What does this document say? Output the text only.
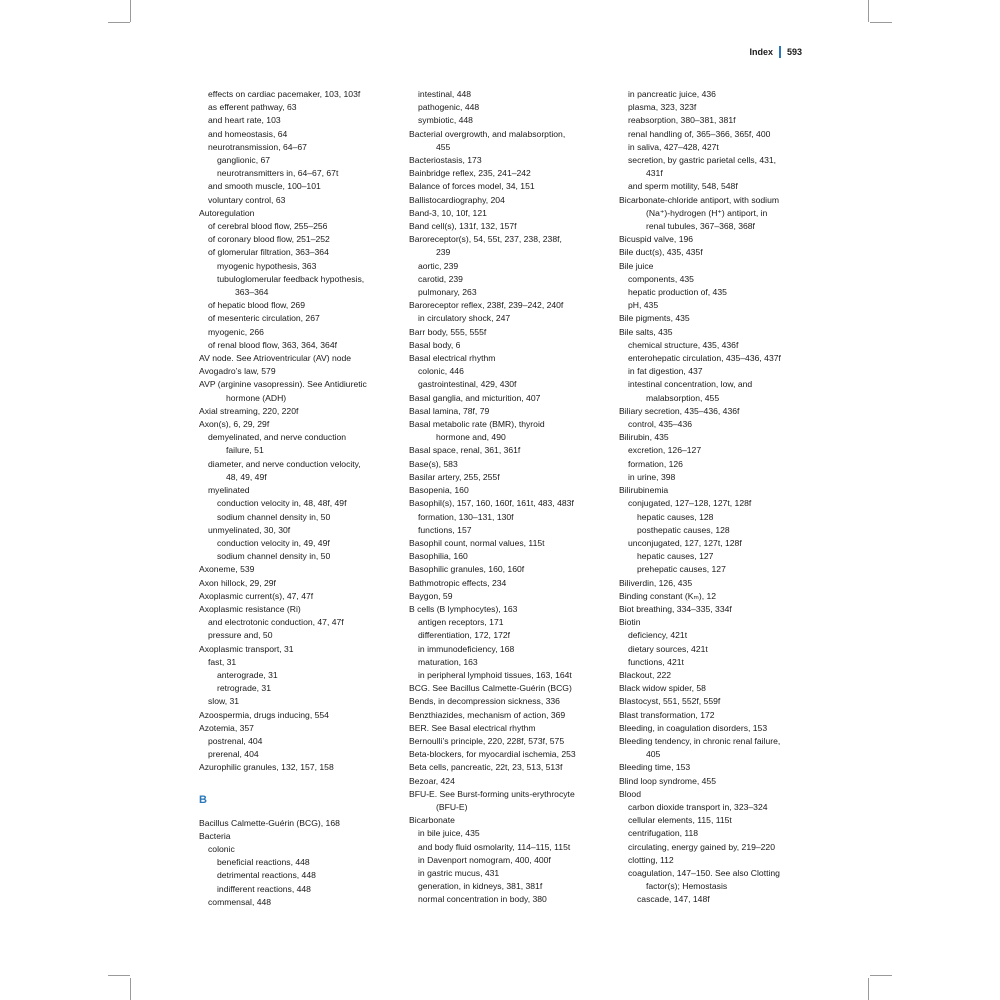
Index 593
effects on cardiac pacemaker, 103, 103f
as efferent pathway, 63
and heart rate, 103
and homeostasis, 64
neurotransmission, 64–67
ganglionic, 67
neurotransmitters in, 64–67, 67t
and smooth muscle, 100–101
voluntary control, 63
Autoregulation
of cerebral blood flow, 255–256
of coronary blood flow, 251–252
of glomerular filtration, 363–364
myogenic hypothesis, 363
tubuloglomerular feedback hypothesis,
363–364
of hepatic blood flow, 269
of mesenteric circulation, 267
myogenic, 266
of renal blood flow, 363, 364, 364f
AV node. See Atrioventricular (AV) node
Avogadro’s law, 579
AVP (arginine vasopressin). See Antidiuretic
hormone (ADH)
Axial streaming, 220, 220f
Axon(s), 6, 29, 29f
demyelinated, and nerve conduction
failure, 51
diameter, and nerve conduction velocity,
48, 49, 49f
myelinated
conduction velocity in, 48, 48f, 49f
sodium channel density in, 50
unmyelinated, 30, 30f
conduction velocity in, 49, 49f
sodium channel density in, 50
Axoneme, 539
Axon hillock, 29, 29f
Axoplasmic current(s), 47, 47f
Axoplasmic resistance (Ri)
and electrotonic conduction, 47, 47f
pressure and, 50
Axoplasmic transport, 31
fast, 31
anterograde, 31
retrograde, 31
slow, 31
Azoospermia, drugs inducing, 554
Azotemia, 357
postrenal, 404
prerenal, 404
Azurophilic granules, 132, 157, 158
B
Bacillus Calmette-Guérin (BCG), 168
Bacteria
colonic
beneficial reactions, 448
detrimental reactions, 448
indifferent reactions, 448
commensal, 448
intestinal, 448
pathogenic, 448
symbiotic, 448
Bacterial overgrowth, and malabsorption,
455
Bacteriostasis, 173
Bainbridge reflex, 235, 241–242
Balance of forces model, 34, 151
Ballistocardiography, 204
Band-3, 10, 10f, 121
Band cell(s), 131f, 132, 157f
Baroreceptor(s), 54, 55t, 237, 238, 238f,
239
aortic, 239
carotid, 239
pulmonary, 263
Baroreceptor reflex, 238f, 239–242, 240f
in circulatory shock, 247
Barr body, 555, 555f
Basal body, 6
Basal electrical rhythm
colonic, 446
gastrointestinal, 429, 430f
Basal ganglia, and micturition, 407
Basal lamina, 78f, 79
Basal metabolic rate (BMR), thyroid
hormone and, 490
Basal space, renal, 361, 361f
Base(s), 583
Basilar artery, 255, 255f
Basopenia, 160
Basophil(s), 157, 160, 160f, 161t, 483, 483f
formation, 130–131, 130f
functions, 157
Basophil count, normal values, 115t
Basophilia, 160
Basophilic granules, 160, 160f
Bathmotropic effects, 234
Baygon, 59
B cells (B lymphocytes), 163
antigen receptors, 171
differentiation, 172, 172f
in immunodeficiency, 168
maturation, 163
in peripheral lymphoid tissues, 163, 164t
BCG. See Bacillus Calmette-Guérin (BCG)
Bends, in decompression sickness, 336
Benzthiazides, mechanism of action, 369
BER. See Basal electrical rhythm
Bernoulli’s principle, 220, 228f, 573f, 575
Beta-blockers, for myocardial ischemia, 253
Beta cells, pancreatic, 22t, 23, 513, 513f
Bezoar, 424
BFU-E. See Burst-forming units-erythrocyte
(BFU-E)
Bicarbonate
in bile juice, 435
and body fluid osmolarity, 114–115, 115t
in Davenport nomogram, 400, 400f
in gastric mucus, 431
generation, in kidneys, 381, 381f
normal concentration in body, 380
in pancreatic juice, 436
plasma, 323, 323f
reabsorption, 380–381, 381f
renal handling of, 365–366, 365f, 400
in saliva, 427–428, 427t
secretion, by gastric parietal cells, 431,
431f
and sperm motility, 548, 548f
Bicarbonate-chloride antiport, with sodium
(Na⁺)-hydrogen (H⁺) antiport, in
renal tubules, 367–368, 368f
Bicuspid valve, 196
Bile duct(s), 435, 435f
Bile juice
components, 435
hepatic production of, 435
pH, 435
Bile pigments, 435
Bile salts, 435
chemical structure, 435, 436f
enterohepatic circulation, 435–436, 437f
in fat digestion, 437
intestinal concentration, low, and
malabsorption, 455
Biliary secretion, 435–436, 436f
control, 435–436
Bilirubin, 435
excretion, 126–127
formation, 126
in urine, 398
Bilirubinemia
conjugated, 127–128, 127t, 128f
hepatic causes, 128
posthepatic causes, 128
unconjugated, 127, 127t, 128f
hepatic causes, 127
prehepatic causes, 127
Biliverdin, 126, 435
Binding constant (Kₘ), 12
Biot breathing, 334–335, 334f
Biotin
deficiency, 421t
dietary sources, 421t
functions, 421t
Blackout, 222
Black widow spider, 58
Blastocyst, 551, 552f, 559f
Blast transformation, 172
Bleeding, in coagulation disorders, 153
Bleeding tendency, in chronic renal failure,
405
Bleeding time, 153
Blind loop syndrome, 455
Blood
carbon dioxide transport in, 323–324
cellular elements, 115, 115t
centrifugation, 118
circulating, energy gained by, 219–220
clotting, 112
coagulation, 147–150. See also Clotting
factor(s); Hemostasis
cascade, 147, 148f
